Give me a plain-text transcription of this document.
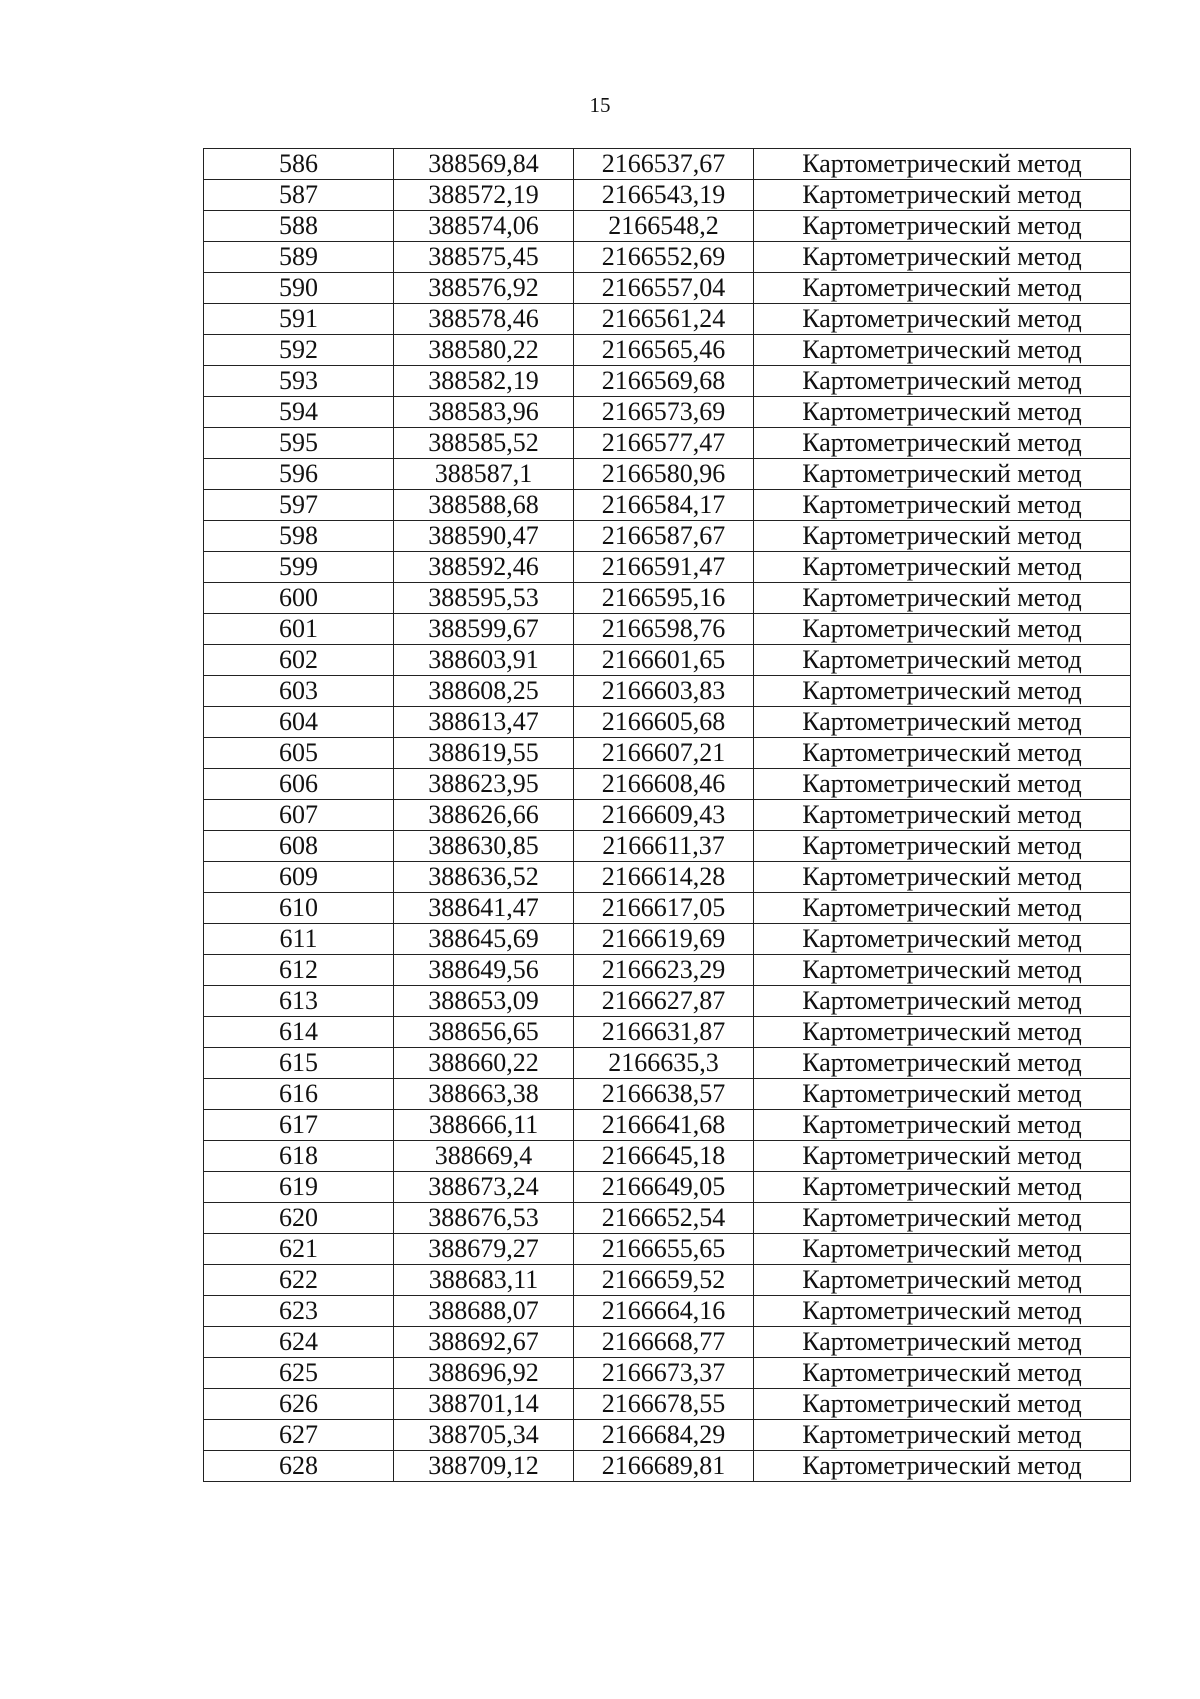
15
586	388569,84	2166537,67	Картометрический метод
587	388572,19	2166543,19	Картометрический метод
588	388574,06	2166548,2	Картометрический метод
589	388575,45	2166552,69	Картометрический метод
590	388576,92	2166557,04	Картометрический метод
591	388578,46	2166561,24	Картометрический метод
592	388580,22	2166565,46	Картометрический метод
593	388582,19	2166569,68	Картометрический метод
594	388583,96	2166573,69	Картометрический метод
595	388585,52	2166577,47	Картометрический метод
596	388587,1	2166580,96	Картометрический метод
597	388588,68	2166584,17	Картометрический метод
598	388590,47	2166587,67	Картометрический метод
599	388592,46	2166591,47	Картометрический метод
600	388595,53	2166595,16	Картометрический метод
601	388599,67	2166598,76	Картометрический метод
602	388603,91	2166601,65	Картометрический метод
603	388608,25	2166603,83	Картометрический метод
604	388613,47	2166605,68	Картометрический метод
605	388619,55	2166607,21	Картометрический метод
606	388623,95	2166608,46	Картометрический метод
607	388626,66	2166609,43	Картометрический метод
608	388630,85	2166611,37	Картометрический метод
609	388636,52	2166614,28	Картометрический метод
610	388641,47	2166617,05	Картометрический метод
611	388645,69	2166619,69	Картометрический метод
612	388649,56	2166623,29	Картометрический метод
613	388653,09	2166627,87	Картометрический метод
614	388656,65	2166631,87	Картометрический метод
615	388660,22	2166635,3	Картометрический метод
616	388663,38	2166638,57	Картометрический метод
617	388666,11	2166641,68	Картометрический метод
618	388669,4	2166645,18	Картометрический метод
619	388673,24	2166649,05	Картометрический метод
620	388676,53	2166652,54	Картометрический метод
621	388679,27	2166655,65	Картометрический метод
622	388683,11	2166659,52	Картометрический метод
623	388688,07	2166664,16	Картометрический метод
624	388692,67	2166668,77	Картометрический метод
625	388696,92	2166673,37	Картометрический метод
626	388701,14	2166678,55	Картометрический метод
627	388705,34	2166684,29	Картометрический метод
628	388709,12	2166689,81	Картометрический метод
